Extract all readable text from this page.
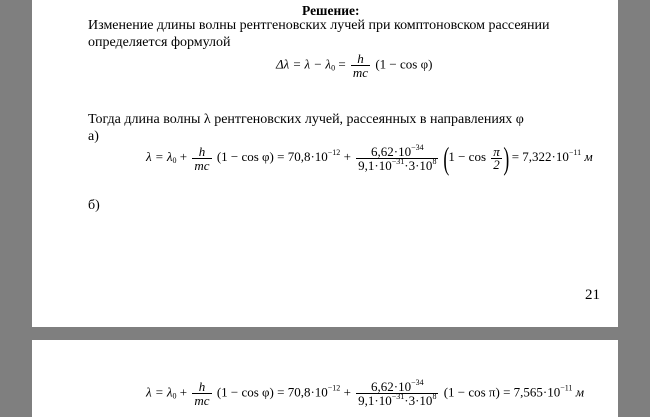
Решение:
Изменение длины волны рентгеновских лучей при комптоновском рассеянии
определяется формулой
$\Delta\lambda = \lambda - \lambda_0 = \frac{h}{mc} (1 - \cos \varphi)$
Тогда длина волны λ рентгеновских лучей, рассеянных в направлениях φ
а)
$\lambda = \lambda_0 + \frac{h}{mc} (1 - \cos \varphi) = 70,8\cdot 10^{-12} + \frac{6,62\cdot 10^{-34}}{9,1\cdot 10^{-31}\cdot 3\cdot 10^8} (1 - \cos \frac{\pi}{2}$ ) = $7,322\cdot 10^{-11}$ м
б)
21
$\lambda = \lambda_0 + \frac{h}{mc} (1 - \cos \varphi) = 70,8\cdot 10^{-12} + \frac{6,62\cdot 10^{-34}}{9,1\cdot 10^{-31}\cdot 3\cdot 10^8} (1 - \cos \pi) = 7,565\cdot 10^{-11}$ м
